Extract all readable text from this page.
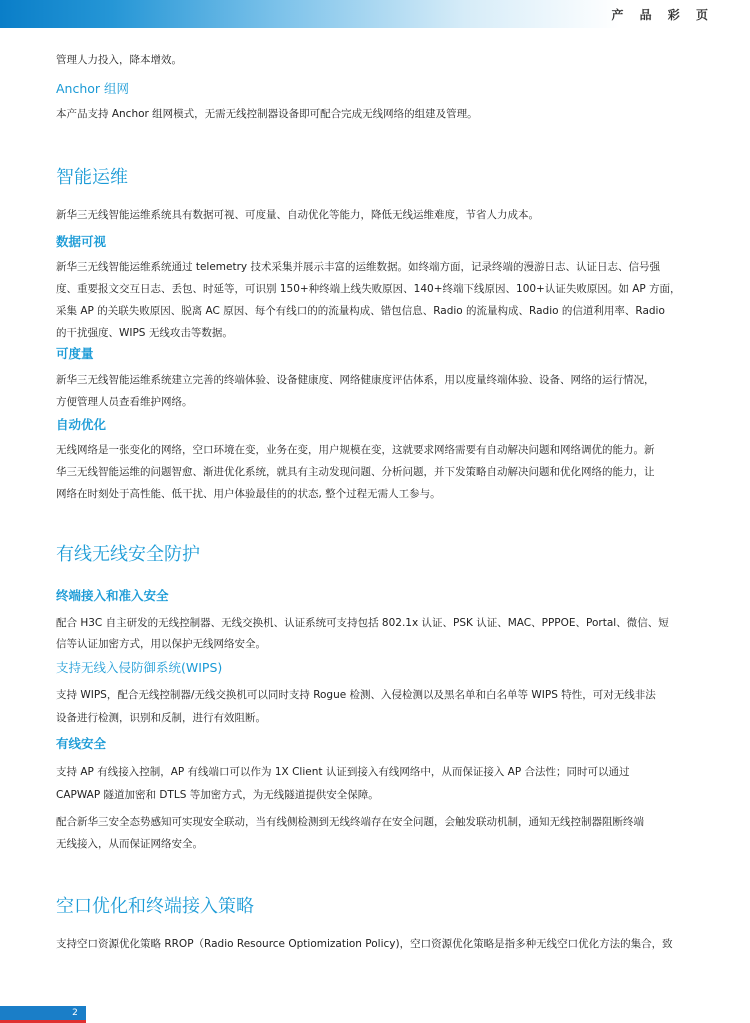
产 品 彩 页

管理人力投入，降本增效。

Anchor 组网

本产品支持 Anchor 组网模式，无需无线控制器设备即可配合完成无线网络的组建及管理。

智能运维

新华三无线智能运维系统具有数据可视、可度量、自动优化等能力，降低无线运维难度，节省人力成本。

数据可视

新华三无线智能运维系统通过 telemetry 技术采集并展示丰富的运维数据。如终端方面，记录终端的漫游日志、认证日志、信号强

度、重要报文交互日志、丢包、时延等，可识别 150+种终端上线失败原因、140+终端下线原因、100+认证失败原因。如 AP 方面，

采集 AP 的关联失败原因、脱离 AC 原因、每个有线口的的流量构成、错包信息、Radio 的流量构成、Radio 的信道利用率、Radio

的干扰强度、WIPS 无线攻击等数据。

可度量

新华三无线智能运维系统建立完善的终端体验、设备健康度、网络健康度评估体系，用以度量终端体验、设备、网络的运行情况，

方便管理人员查看维护网络。

自动优化

无线网络是一张变化的网络，空口环境在变，业务在变，用户规模在变，这就要求网络需要有自动解决问题和网络调优的能力。新

华三无线智能运维的问题智愈、渐进优化系统，就具有主动发现问题、分析问题，并下发策略自动解决问题和优化网络的能力，让

网络在时刻处于高性能、低干扰、用户体验最佳的的状态, 整个过程无需人工参与。

有线无线安全防护
终端接入和准入安全

配合 H3C 自主研发的无线控制器、无线交换机、认证系统可支持包括 802.1x 认证、PSK 认证、MAC、PPPOE、Portal、微信、短

信等认证加密方式，用以保护无线网络安全。

支持无线入侵防御系统(WIPS)

支持 WIPS，配合无线控制器/无线交换机可以同时支持 Rogue 检测、入侵检测以及黑名单和白名单等 WIPS 特性，可对无线非法

设备进行检测，识别和反制，进行有效阻断。

有线安全

支持 AP 有线接入控制，AP 有线端口可以作为 1X Client 认证到接入有线网络中，从而保证接入 AP 合法性；同时可以通过

CAPWAP 隧道加密和 DTLS 等加密方式，为无线隧道提供安全保障。

配合新华三安全态势感知可实现安全联动，当有线侧检测到无线终端存在安全问题，会触发联动机制，通知无线控制器阻断终端

无线接入，从而保证网络安全。

空口优化和终端接入策略

支持空口资源优化策略 RROP（Radio Resource Optiomization Policy)，空口资源优化策略是指多种无线空口优化方法的集合，致

2
